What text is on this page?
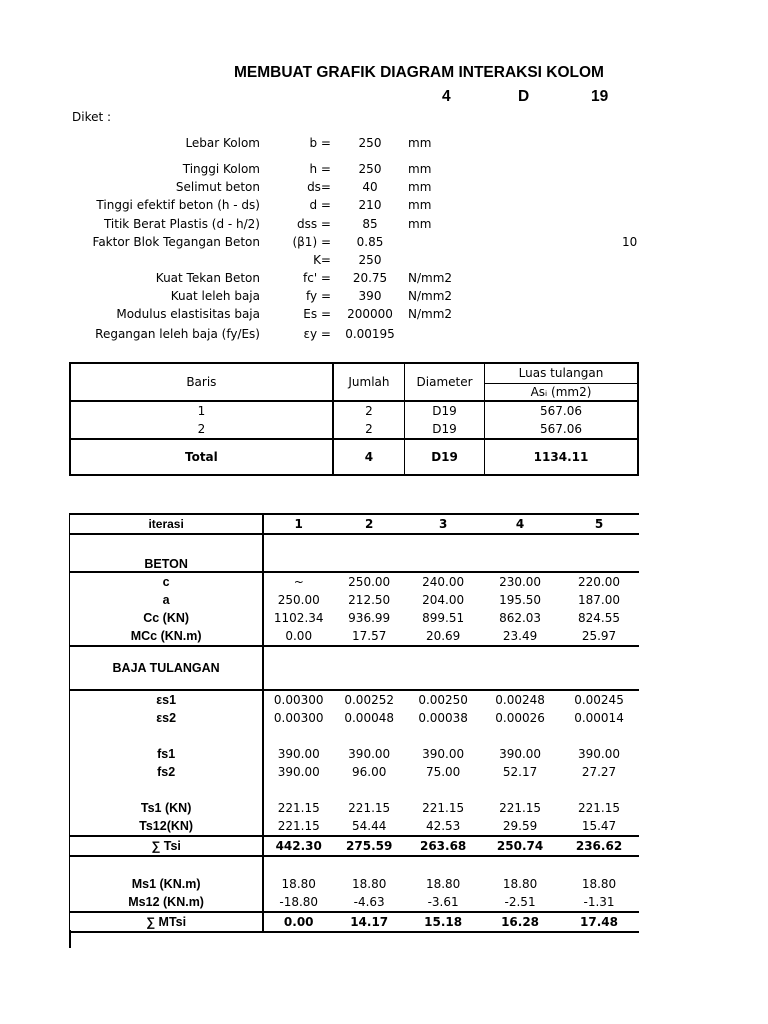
MEMBUAT GRAFIK DIAGRAM INTERAKSI KOLOM
4	D	19
Diket :
Lebar Kolom	b =	250	mm
Tinggi Kolom	h =	250	mm
Selimut beton	ds=	40	mm
Tinggi efektif beton (h - ds)	d =	210	mm
Titik Berat Plastis (d - h/2)	dss =	85	mm
Faktor Blok Tegangan Beton	(β1) =	0.85	10
K=	250
Kuat Tekan Beton	fc' =	20.75	N/mm2
Kuat leleh baja	fy =	390	N/mm2
Modulus elastisitas baja	Es =	200000	N/mm2
Regangan leleh baja (fy/Es)	εy =	0.00195
Baris	Jumlah	Diameter	Luas tulangan
			Asᵢ (mm2)
1	2	D19	567.06
2	2	D19	567.06
Total	4	D19	1134.11
iterasi	1	2	3	4	5
BETON					
c	~	250.00	240.00	230.00	220.00
a	250.00	212.50	204.00	195.50	187.00
Cc (KN)	1102.34	936.99	899.51	862.03	824.55
MCc (KN.m)	0.00	17.57	20.69	23.49	25.97
BAJA TULANGAN					
εs1	0.00300	0.00252	0.00250	0.00248	0.00245
εs2	0.00300	0.00048	0.00038	0.00026	0.00014

fs1	390.00	390.00	390.00	390.00	390.00
fs2	390.00	96.00	75.00	52.17	27.27

Ts1 (KN)	221.15	221.15	221.15	221.15	221.15
Ts12(KN)	221.15	54.44	42.53	29.59	15.47
∑ Tsi	442.30	275.59	263.68	250.74	236.62

Ms1 (KN.m)	18.80	18.80	18.80	18.80	18.80
Ms12 (KN.m)	-18.80	-4.63	-3.61	-2.51	-1.31
∑ MTsi	0.00	14.17	15.18	16.28	17.48
